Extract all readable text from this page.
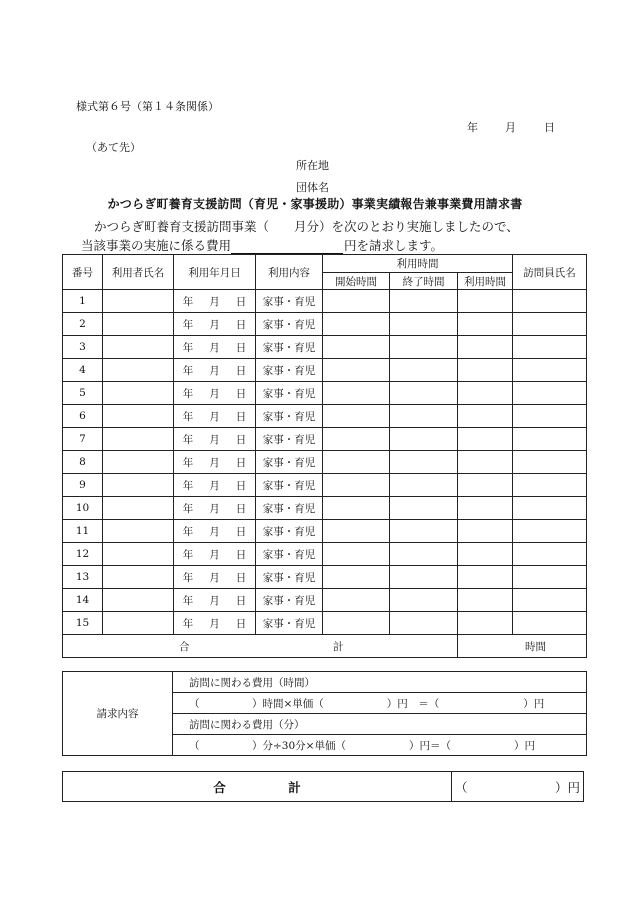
様式第６号（第１４条関係）
年 月	日
（あて先）
所在地
団体名
かつらぎ町養育支援訪問（育児・家事援助）事業実績報告兼事業費用請求書
かつらぎ町養育支援訪問事業（　　月分）を次のとおり実施しましたので、
当該事業の実施に係る費用	円を請求します。
番号	利用者氏名	利用年月日	利用内容	利用時間			訪問員氏名
				開始時間	終了時間	利用時間	
1		年 月 日	家事・育児				
2		年 月 日	家事・育児				
3		年 月 日	家事・育児				
4		年 月 日	家事・育児				
5		年 月 日	家事・育児				
6		年 月 日	家事・育児				
7		年 月 日	家事・育児				
8		年 月 日	家事・育児				
9		年 月 日	家事・育児				
10		年 月 日	家事・育児				
11		年 月 日	家事・育児				
12		年 月 日	家事・育児				
13		年 月 日	家事・育児				
14		年 月 日	家事・育児				
15		年 月 日	家事・育児				

合 計						時間	
請求内容	訪問に関わる費用（時間）
（　　　　　）時間×単価（　　　　　　）円　＝（　　　　　　　　）円
訪問に関わる費用（分）
（　　　　　）分÷30分×単価（　　　　　　）円＝（　　　　　　）円
合　　　　　計	（　　　　　　　）円
